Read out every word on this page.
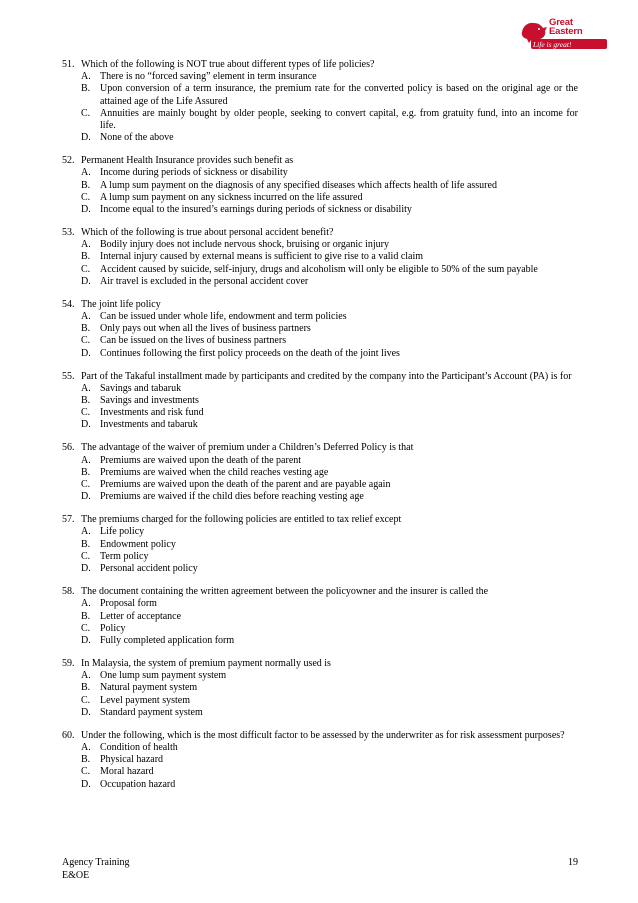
Great
Eastern
Life is great!
51. Which of the following is NOT true about different types of life policies?
A. There is no “forced saving” element in term insurance
B. Upon conversion of a term insurance, the premium rate for the converted policy is based on the original age or the attained age of the Life Assured
C. Annuities are mainly bought by older people, seeking to convert capital, e.g. from gratuity fund, into an income for life.
D. None of the above
52. Permanent Health Insurance provides such benefit as
A. Income during periods of sickness or disability
B. A lump sum payment on the diagnosis of any specified diseases which affects health of life assured
C. A lump sum payment on any sickness incurred on the life assured
D. Income equal to the insured’s earnings during periods of sickness or disability
53. Which of the following is true about personal accident benefit?
A. Bodily injury does not include nervous shock, bruising or organic injury
B. Internal injury caused by external means is sufficient to give rise to a valid claim
C. Accident caused by suicide, self-injury, drugs and alcoholism will only be eligible to 50% of the sum payable
D. Air travel is excluded in the personal accident cover
54. The joint life policy
A. Can be issued under whole life, endowment and term policies
B. Only pays out when all the lives of business partners
C. Can be issued on the lives of business partners
D. Continues following the first policy proceeds on the death of the joint lives
55. Part of the Takaful installment made by participants and credited by the company into the Participant’s Account (PA) is for
A. Savings and tabaruk
B. Savings and investments
C. Investments and risk fund
D. Investments and tabaruk
56. The advantage of the waiver of premium under a Children’s Deferred Policy is that
A. Premiums are waived upon the death of the parent
B. Premiums are waived when the child reaches vesting age
C. Premiums are waived upon the death of the parent and are payable again
D. Premiums are waived if the child dies before reaching vesting age
57. The premiums charged for the following policies are entitled to tax relief except
A. Life policy
B. Endowment policy
C. Term policy
D. Personal accident policy
58. The document containing the written agreement between the policyowner and the insurer is called the
A. Proposal form
B. Letter of acceptance
C. Policy
D. Fully completed application form
59. In Malaysia, the system of premium payment normally used is
A. One lump sum payment system
B. Natural payment system
C. Level payment system
D. Standard payment system
60. Under the following, which is the most difficult factor to be assessed by the underwriter as for risk assessment purposes?
A. Condition of health
B. Physical hazard
C. Moral hazard
D. Occupation hazard
Agency Training
E&OE
19
